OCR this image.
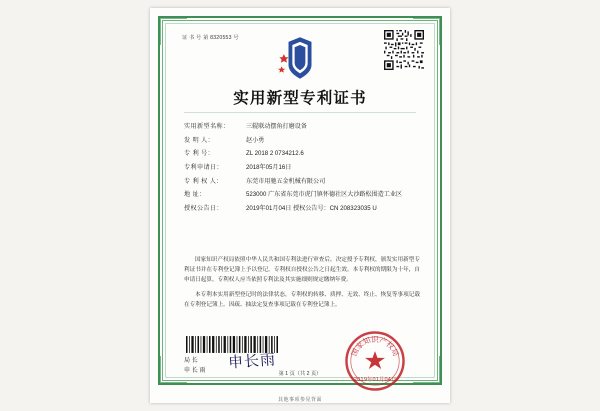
证 书 号 第 8320553 号
实用新型专利证书
实用新型名称：	三辊联动摆角打磨设备
发 明 人：	赵小勇
专 利 号：	ZL 2018 2 0734212.6
专利申请日：	2018年05月16日
专 利 权 人：	东莞市用驰五金机械有限公司
地 址：	523000 广东省东莞市虎门镇怀德社区大沙路松围造工业区
授权公告日：	2019年01月04日 授权公告号：CN 208323035 U

国家知识产权局依照中华人民共和国专利法进行审查后，决定授予专利权，颁发实用新型专利证书并在专利登记簿上予以登记。专利权自授权公告之日起生效。本专利权的期限为十年，自申请日起算。专利权人应当依照专利法及其实施细则规定缴纳年费。

本专利本实用新型登记时的法律状态，专利权的转移、质押、无效、终止、恢复等事项记载在专利登记簿上。因疏、抽法定复查事项记载在专利登记簿上。

局 长
申 长 雨 申长雨	国家知识产权局
2019年01月04日
第 1 页（共 2 页）
其他事项参见背面
